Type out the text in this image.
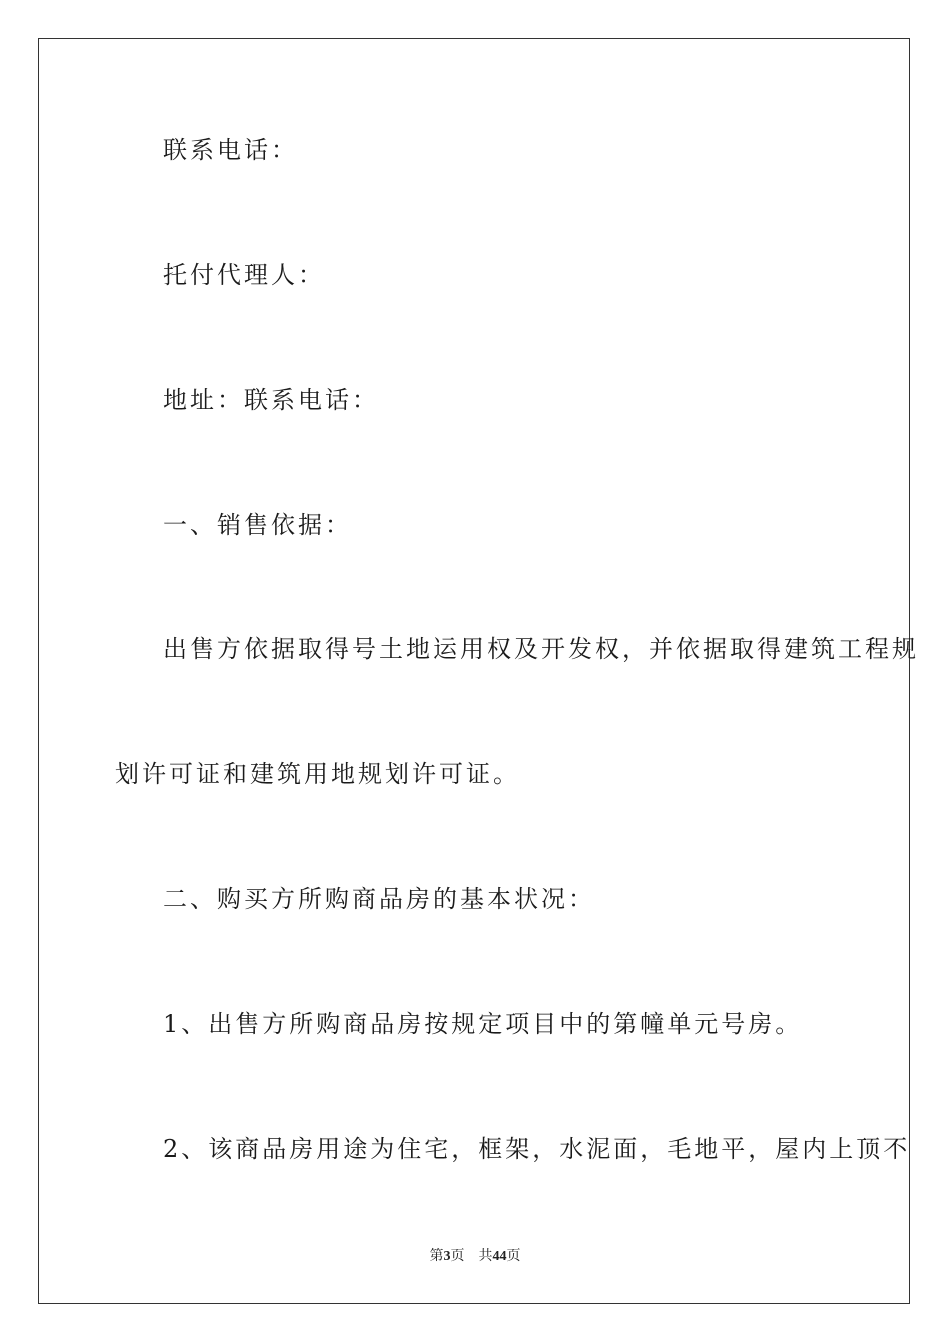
联系电话：
托付代理人：
地址：联系电话：
一、销售依据：
出售方依据取得号土地运用权及开发权，并依据取得建筑工程规
划许可证和建筑用地规划许可证。
二、购买方所购商品房的基本状况：
1、出售方所购商品房按规定项目中的第幢单元号房。
2、该商品房用途为住宅，框架，水泥面，毛地平，屋内上顶不
第3页 共44页
